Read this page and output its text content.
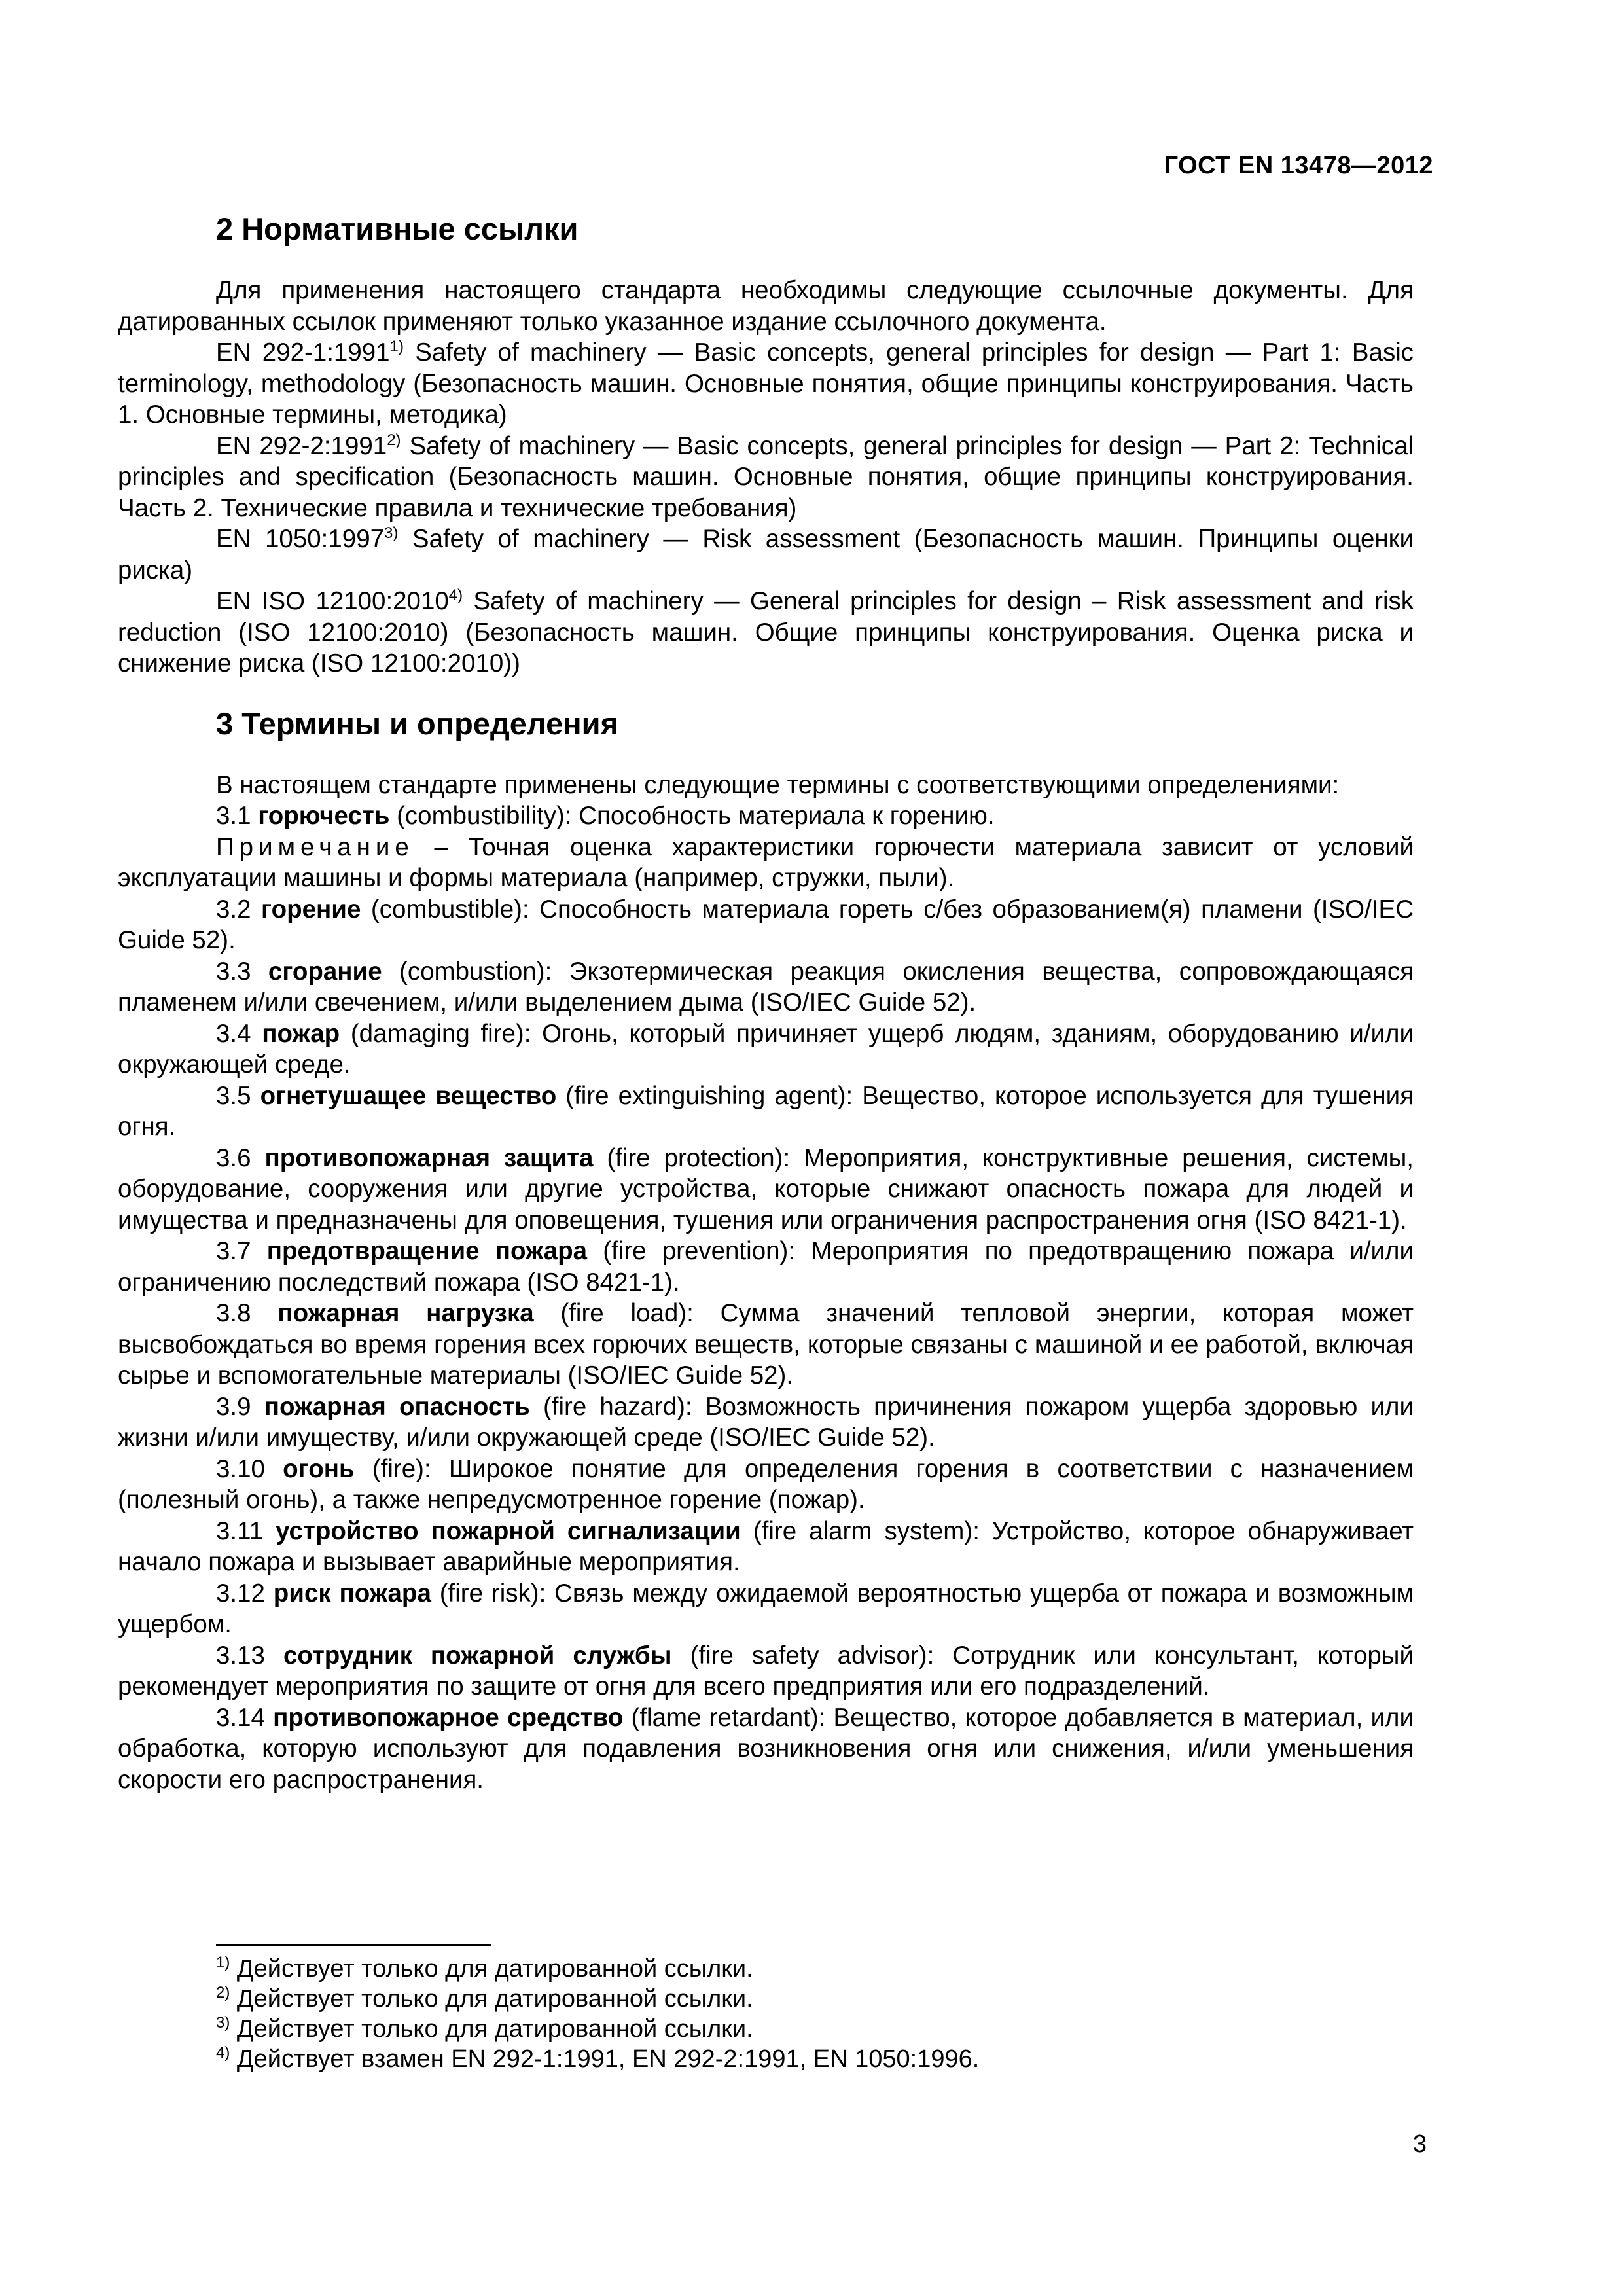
ГОСТ EN 13478—2012
2 Нормативные ссылки

Для применения настоящего стандарта необходимы следующие ссылочные документы. Для датированных ссылок применяют только указанное издание ссылочного документа.

EN 292-1:1991$^{1)}$ Safety of machinery — Basic concepts, general principles for design — Part 1: Basic terminology, methodology (Безопасность машин. Основные понятия, общие принципы конструирования. Часть 1. Основные термины, методика)

EN 292-2:1991$^{2)}$ Safety of machinery — Basic concepts, general principles for design — Part 2: Technical principles and specification (Безопасность машин. Основные понятия, общие принципы конструирования. Часть 2. Технические правила и технические требования)

EN 1050:1997$^{3)}$ Safety of machinery — Risk assessment (Безопасность машин. Принципы оценки риска)

EN ISO 12100:2010$^{4)}$ Safety of machinery — General principles for design – Risk assessment and risk reduction (ISO 12100:2010) (Безопасность машин. Общие принципы конструирования. Оценка риска и снижение риска (ISO 12100:2010))

3 Термины и определения

В настоящем стандарте применены следующие термины с соответствующими определениями:

3.1 горючесть (combustibility): Способность материала к горению.

Примечание – Точная оценка характеристики горючести материала зависит от условий эксплуатации машины и формы материала (например, стружки, пыли).

3.2 горение (combustible): Способность материала гореть с/без образованием(я) пламени (ISO/IEC Guide 52).

3.3 сгорание (combustion): Экзотермическая реакция окисления вещества, сопровождающаяся пламенем и/или свечением, и/или выделением дыма (ISO/IEC Guide 52).

3.4 пожар (damaging fire): Огонь, который причиняет ущерб людям, зданиям, оборудованию и/или окружающей среде.

3.5 огнетушащее вещество (fire extinguishing agent): Вещество, которое используется для тушения огня.

3.6 противопожарная защита (fire protection): Мероприятия, конструктивные решения, системы, оборудование, сооружения или другие устройства, которые снижают опасность пожара для людей и имущества и предназначены для оповещения, тушения или ограничения распространения огня (ISO 8421-1).

3.7 предотвращение пожара (fire prevention): Мероприятия по предотвращению пожара и/или ограничению последствий пожара (ISO 8421-1).

3.8 пожарная нагрузка (fire load): Сумма значений тепловой энергии, которая может высвобождаться во время горения всех горючих веществ, которые связаны с машиной и ее работой, включая сырье и вспомогательные материалы (ISO/IEC Guide 52).

3.9 пожарная опасность (fire hazard): Возможность причинения пожаром ущерба здоровью или жизни и/или имуществу, и/или окружающей среде (ISO/IEC Guide 52).

3.10 огонь (fire): Широкое понятие для определения горения в соответствии с назначением (полезный огонь), а также непредусмотренное горение (пожар).

3.11 устройство пожарной сигнализации (fire alarm system): Устройство, которое обнаруживает начало пожара и вызывает аварийные мероприятия.

3.12 риск пожара (fire risk): Связь между ожидаемой вероятностью ущерба от пожара и возможным ущербом.

3.13 сотрудник пожарной службы (fire safety advisor): Сотрудник или консультант, который рекомендует мероприятия по защите от огня для всего предприятия или его подразделений.

3.14 противопожарное средство (flame retardant): Вещество, которое добавляется в материал, или обработка, которую используют для подавления возникновения огня или снижения, и/или уменьшения скорости его распространения.

$^{1)}$ Действует только для датированной ссылки.
$^{2)}$ Действует только для датированной ссылки.
$^{3)}$ Действует только для датированной ссылки.
$^{4)}$ Действует взамен EN 292-1:1991, EN 292-2:1991, EN 1050:1996.
3
